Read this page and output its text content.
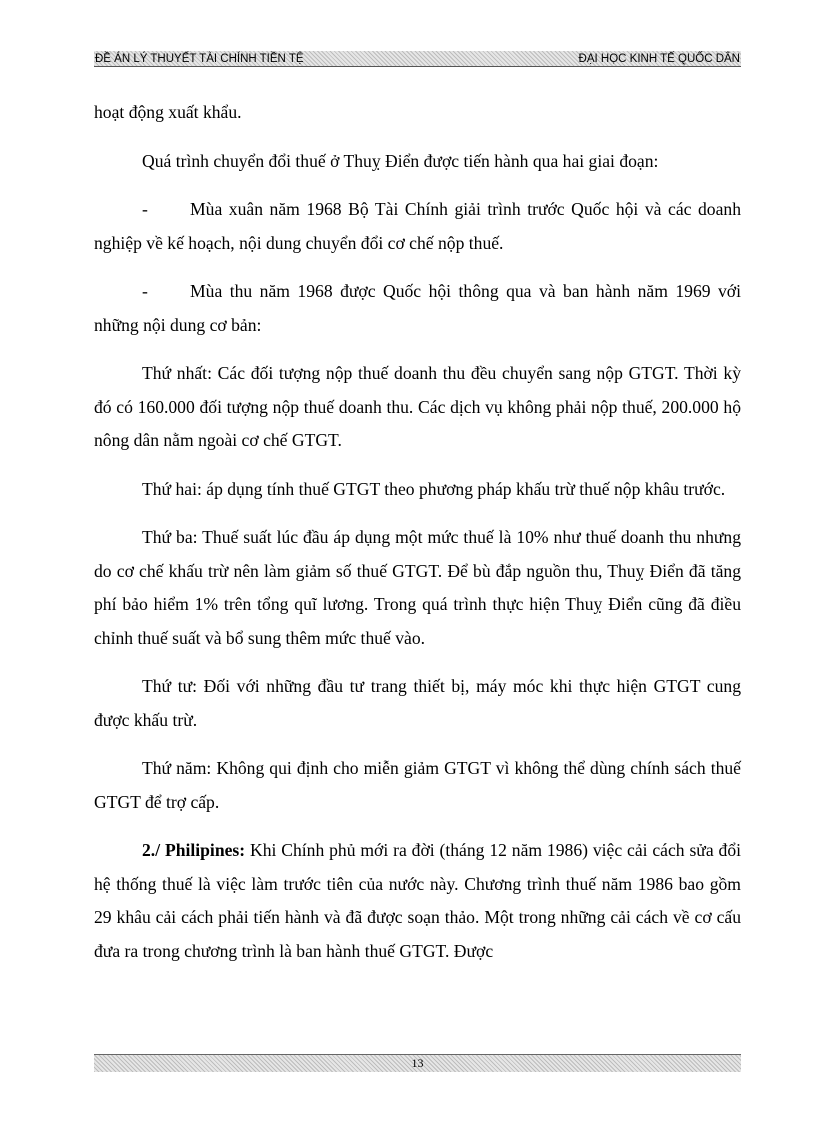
ĐỀ ÁN LÝ THUYẾT TÀI CHÍNH TIỀN TỆ	ĐẠI HỌC KINH TẾ QUỐC DÂN

hoạt động xuất khẩu.

Quá trình chuyển đổi thuế ở Thuỵ Điển được tiến hành qua hai giai đoạn:

- Mùa xuân năm 1968 Bộ Tài Chính giải trình trước Quốc hội và các doanh nghiệp về kế hoạch, nội dung chuyển đổi cơ chế nộp thuế.

- Mùa thu năm 1968 được Quốc hội thông qua và ban hành năm 1969 với những nội dung cơ bản:

Thứ nhất: Các đối tượng nộp thuế doanh thu đều chuyển sang nộp GTGT. Thời kỳ đó có 160.000 đối tượng nộp thuế doanh thu. Các dịch vụ không phải nộp thuế, 200.000 hộ nông dân nằm ngoài cơ chế GTGT.

Thứ hai: áp dụng tính thuế GTGT theo phương pháp khấu trừ thuế nộp khâu trước.

Thứ ba: Thuế suất lúc đầu áp dụng một mức thuế là 10% như thuế doanh thu nhưng do cơ chế khấu trừ nên làm giảm số thuế GTGT. Để bù đắp nguồn thu, Thuỵ Điển đã tăng phí bảo hiểm 1% trên tổng quĩ lương. Trong quá trình thực hiện Thuỵ Điển cũng đã điều chỉnh thuế suất và bổ sung thêm mức thuế vào.

Thứ tư: Đối với những đầu tư trang thiết bị, máy móc khi thực hiện GTGT cung được khấu trừ.

Thứ năm: Không qui định cho miễn giảm GTGT vì không thể dùng chính sách thuế GTGT để trợ cấp.

2./ Philipines: Khi Chính phủ mới ra đời (tháng 12 năm 1986) việc cải cách sửa đổi hệ thống thuế là việc làm trước tiên của nước này. Chương trình thuế năm 1986 bao gồm 29 khâu cải cách phải tiến hành và đã được soạn thảo. Một trong những cải cách về cơ cấu đưa ra trong chương trình là ban hành thuế GTGT. Được

13
